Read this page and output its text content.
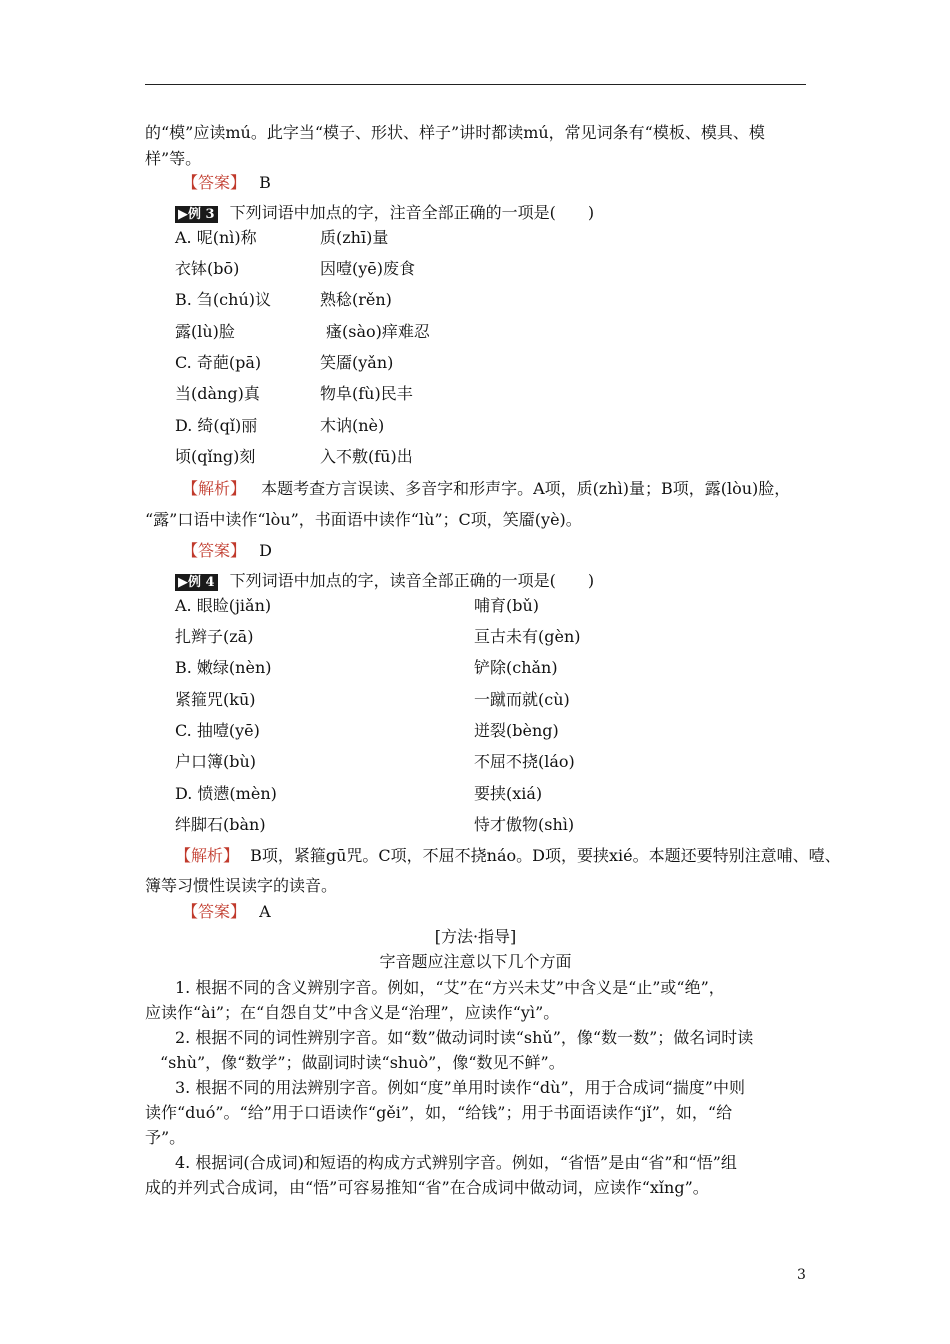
的“模”应读mú。此字当“模子、形状、样子”讲时都读mú，常见词条有“模板、模具、模
样”等。
【答案】 B
▶例 3 下列词语中加点的字，注音全部正确的一项是(　　)
A. 呢(nì)称	质(zhī)量
衣钵(bō)	因噎(yē)废食
B. 刍(chú)议	熟稔(rěn)
露(lù)脸	瘙(sào)痒难忍
C. 奇葩(pā)	笑靥(yǎn)
当(dàng)真	物阜(fù)民丰
D. 绮(qǐ)丽	木讷(nè)
顷(qǐng)刻	入不敷(fū)出
【解析】 本题考查方言误读、多音字和形声字。A项，质(zhì)量；B项，露(lòu)脸，
“露”口语中读作“lòu”，书面语中读作“lù”；C项，笑靥(yè)。
【答案】 D
▶例 4 下列词语中加点的字，读音全部正确的一项是(　　)
A. 眼睑(jiǎn)	哺育(bǔ)
扎辫子(zā)	亘古未有(gèn)
B. 嫩绿(nèn)	铲除(chǎn)
紧箍咒(kū)	一蹴而就(cù)
C. 抽噎(yē)	迸裂(bèng)
户口簿(bù)	不屈不挠(láo)
D. 愤懑(mèn)	要挟(xiá)
绊脚石(bàn)	恃才傲物(shì)
【解析】 B项，紧箍gū咒。C项，不屈不挠náo。D项，要挟xié。本题还要特别注意哺、噎、
簿等习惯性误读字的读音。
【答案】 A
[方法·指导]
字音题应注意以下几个方面
1. 根据不同的含义辨别字音。例如，“艾”在“方兴未艾”中含义是“止”或“绝”，
应读作“ài”；在“自怨自艾”中含义是“治理”，应读作“yì”。
2. 根据不同的词性辨别字音。如“数”做动词时读“shǔ”，像“数一数”；做名词时读
“shù”，像“数学”；做副词时读“shuò”，像“数见不鲜”。
3. 根据不同的用法辨别字音。例如“度”单用时读作“dù”，用于合成词“揣度”中则
读作“duó”。“给”用于口语读作“gěi”，如，“给钱”；用于书面语读作“jǐ”，如，“给
予”。
4. 根据词(合成词)和短语的构成方式辨别字音。例如，“省悟”是由“省”和“悟”组
成的并列式合成词，由“悟”可容易推知“省”在合成词中做动词，应读作“xǐng”。
3
